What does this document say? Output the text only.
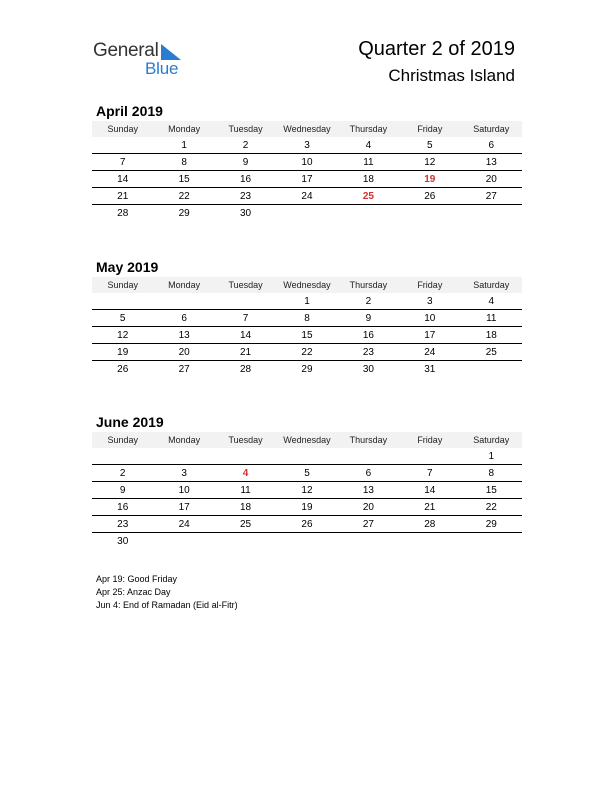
General
Blue
Quarter 2 of 2019
Christmas Island
April 2019
Sunday	Monday	Tuesday	Wednesday	Thursday	Friday	Saturday
	1	2	3	4	5	6
7	8	9	10	11	12	13
14	15	16	17	18	19	20
21	22	23	24	25	26	27
28	29	30				
May 2019
Sunday	Monday	Tuesday	Wednesday	Thursday	Friday	Saturday
			1	2	3	4
5	6	7	8	9	10	11
12	13	14	15	16	17	18
19	20	21	22	23	24	25
26	27	28	29	30	31	
June 2019
Sunday	Monday	Tuesday	Wednesday	Thursday	Friday	Saturday
						1
2	3	4	5	6	7	8
9	10	11	12	13	14	15
16	17	18	19	20	21	22
23	24	25	26	27	28	29
30						
Apr 19: Good Friday
Apr 25: Anzac Day
Jun 4: End of Ramadan (Eid al-Fitr)
